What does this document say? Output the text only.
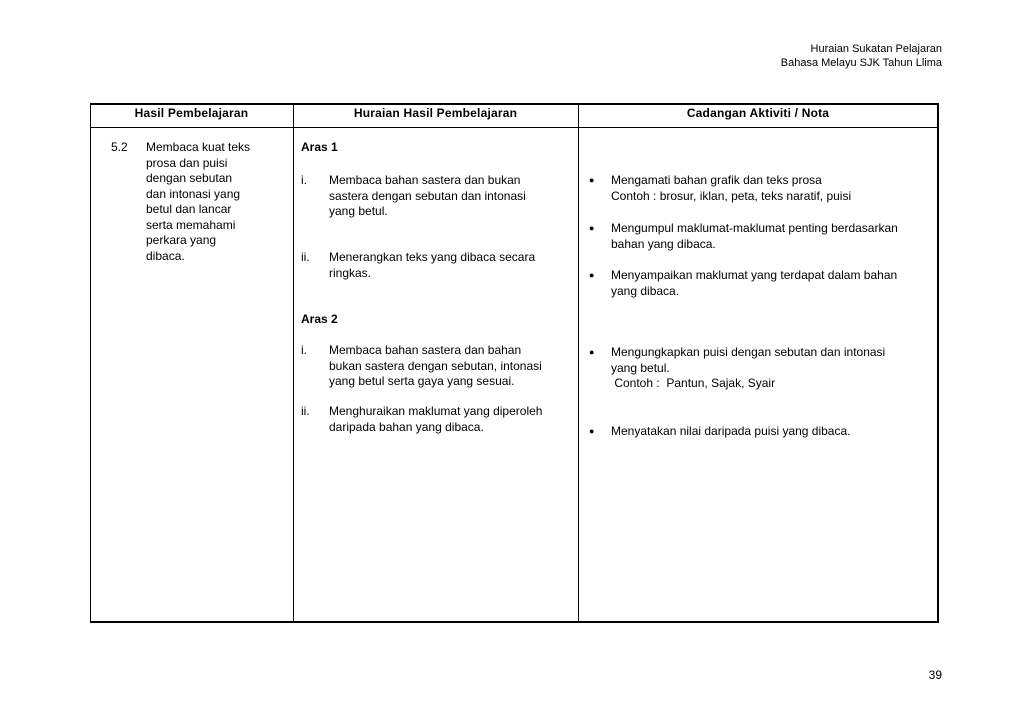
Huraian Sukatan Pelajaran
Bahasa Melayu SJK Tahun Llima
Hasil Pembelajaran	Huraian Hasil Pembelajaran	Cadangan Aktiviti / Nota
5.2 Membaca kuat teks
prosa dan puisi
dengan sebutan
dan intonasi yang
betul dan lancar
serta memahami
perkara yang
dibaca.
Aras 1
i. Membaca bahan sastera dan bukan
sastera dengan sebutan dan intonasi
yang betul.
ii. Menerangkan teks yang dibaca secara
ringkas.
Aras 2
i. Membaca bahan sastera dan bahan
bukan sastera dengan sebutan, intonasi
yang betul serta gaya yang sesuai.
ii. Menghuraikan maklumat yang diperoleh
daripada bahan yang dibaca.
● Mengamati bahan grafik dan teks prosa
Contoh : brosur, iklan, peta, teks naratif, puisi
● Mengumpul maklumat-maklumat penting berdasarkan
bahan yang dibaca.
● Menyampaikan maklumat yang terdapat dalam bahan
yang dibaca.
● Mengungkapkan puisi dengan sebutan dan intonasi
yang betul.
Contoh :  Pantun, Sajak, Syair
● Menyatakan nilai daripada puisi yang dibaca.
39
